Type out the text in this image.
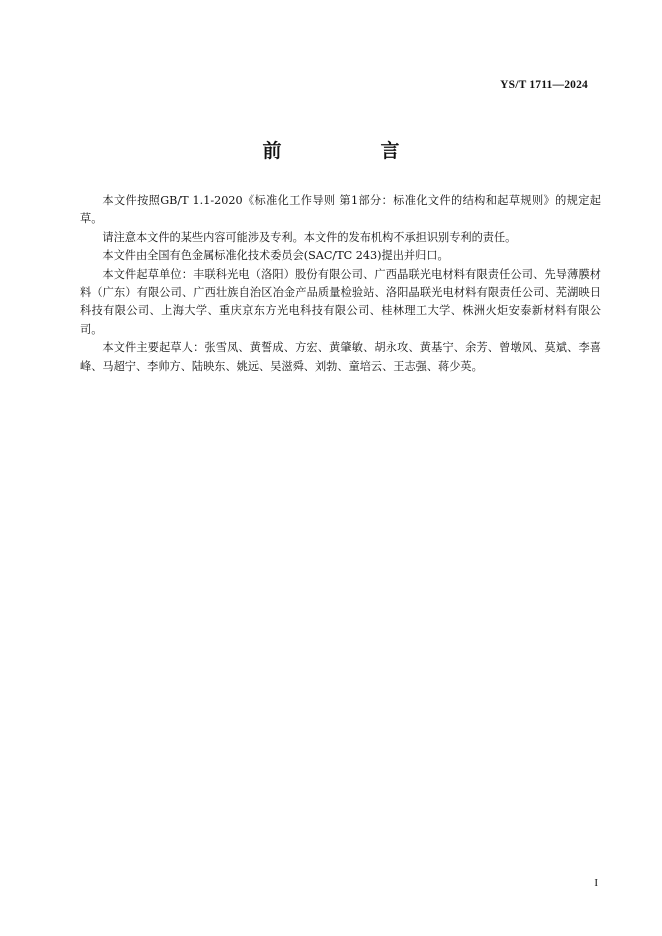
YS/T 1711—2024
前　言

本文件按照GB/T 1.1-2020《标准化工作导则 第1部分：标准化文件的结构和起草规则》的规定起草。

请注意本文件的某些内容可能涉及专利。本文件的发布机构不承担识别专利的责任。

本文件由全国有色金属标准化技术委员会(SAC/TC 243)提出并归口。

本文件起草单位：丰联科光电（洛阳）股份有限公司、广西晶联光电材料有限责任公司、先导薄膜材料（广东）有限公司、广西壮族自治区冶金产品质量检验站、洛阳晶联光电材料有限责任公司、芜湖映日科技有限公司、上海大学、重庆京东方光电科技有限公司、桂林理工大学、株洲火炬安泰新材料有限公司。

本文件主要起草人：张雪凤、黄誓成、方宏、黄肇敏、胡永攻、黄基宁、余芳、曾墩风、莫斌、李喜峰、马超宁、李帅方、陆映东、姚远、吴滋舜、刘勃、童培云、王志强、蒋少英。

I
